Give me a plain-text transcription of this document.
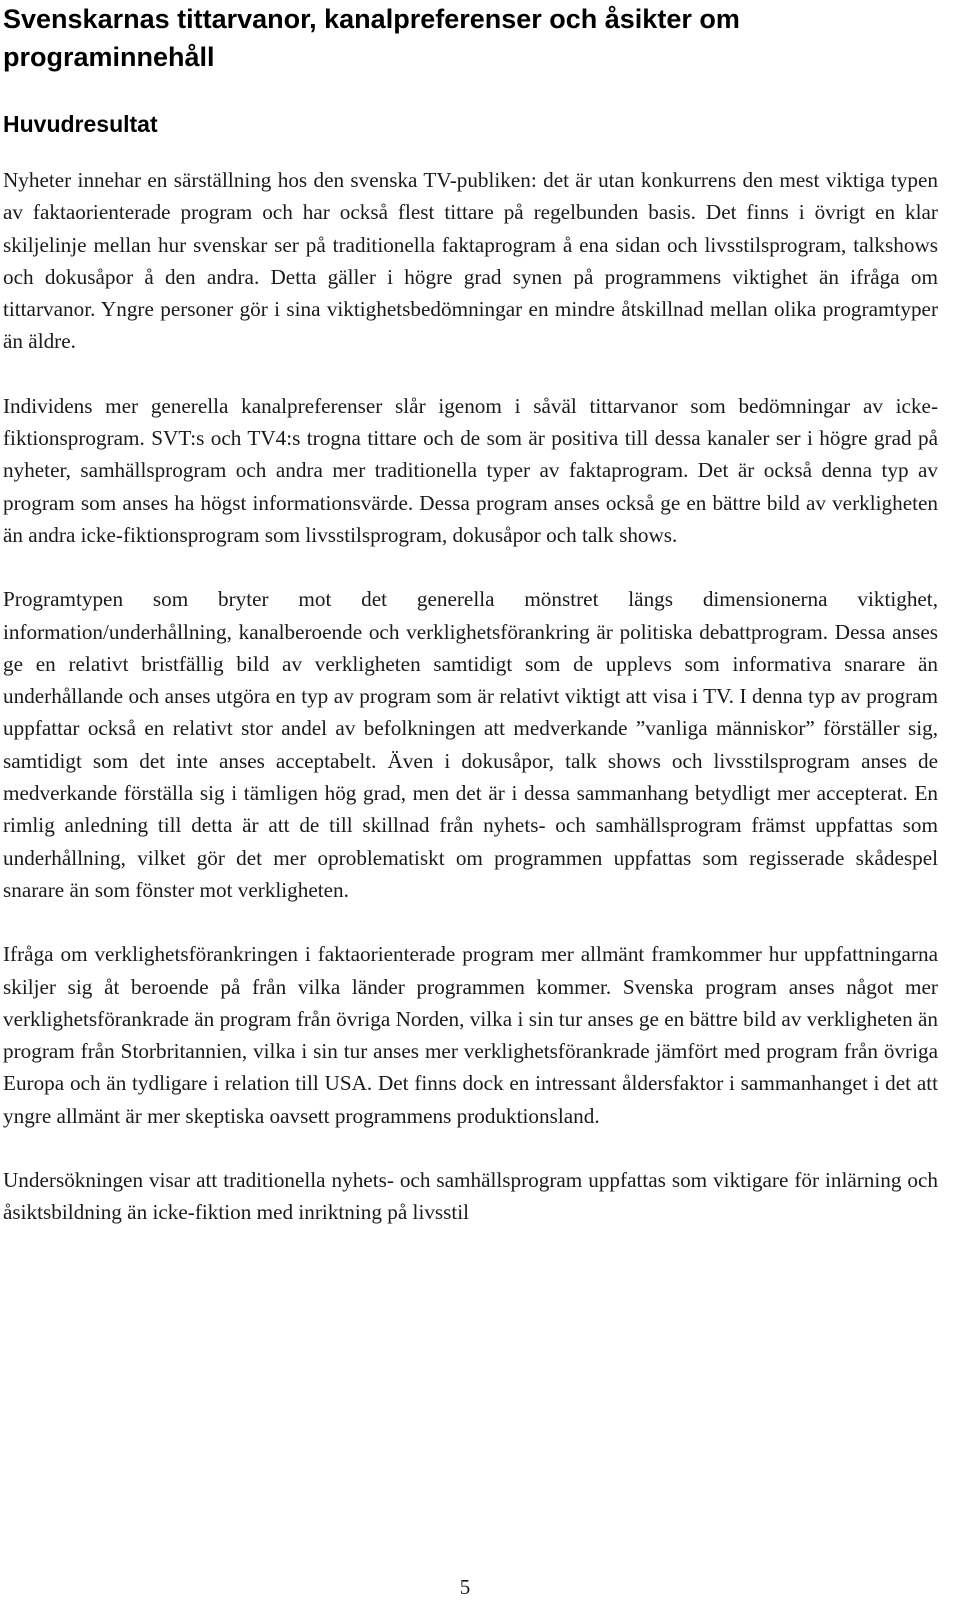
Svenskarnas tittarvanor, kanalpreferenser och åsikter om programinnehåll
Huvudresultat

Nyheter innehar en särställning hos den svenska TV-publiken: det är utan konkurrens den mest viktiga typen av faktaorienterade program och har också flest tittare på regelbunden basis. Det finns i övrigt en klar skiljelinje mellan hur svenskar ser på traditionella faktaprogram å ena sidan och livsstilsprogram, talkshows och dokusåpor å den andra. Detta gäller i högre grad synen på programmens viktighet än ifråga om tittarvanor. Yngre personer gör i sina viktighetsbedömningar en mindre åtskillnad mellan olika programtyper än äldre.

Individens mer generella kanalpreferenser slår igenom i såväl tittarvanor som bedömningar av icke-fiktionsprogram. SVT:s och TV4:s trogna tittare och de som är positiva till dessa kanaler ser i högre grad på nyheter, samhällsprogram och andra mer traditionella typer av faktaprogram. Det är också denna typ av program som anses ha högst informationsvärde. Dessa program anses också ge en bättre bild av verkligheten än andra icke-fiktionsprogram som livsstilsprogram, dokusåpor och talk shows.

Programtypen som bryter mot det generella mönstret längs dimensionerna viktighet, information/underhållning, kanalberoende och verklighetsförankring är politiska debattprogram. Dessa anses ge en relativt bristfällig bild av verkligheten samtidigt som de upplevs som informativa snarare än underhållande och anses utgöra en typ av program som är relativt viktigt att visa i TV. I denna typ av program uppfattar också en relativt stor andel av befolkningen att medverkande ”vanliga människor” förställer sig, samtidigt som det inte anses acceptabelt. Även i dokusåpor, talk shows och livsstilsprogram anses de medverkande förställa sig i tämligen hög grad, men det är i dessa sammanhang betydligt mer accepterat. En rimlig anledning till detta är att de till skillnad från nyhets- och samhällsprogram främst uppfattas som underhållning, vilket gör det mer oproblematiskt om programmen uppfattas som regisserade skådespel snarare än som fönster mot verkligheten.

Ifråga om verklighetsförankringen i faktaorienterade program mer allmänt framkommer hur uppfattningarna skiljer sig åt beroende på från vilka länder programmen kommer. Svenska program anses något mer verklighetsförankrade än program från övriga Norden, vilka i sin tur anses ge en bättre bild av verkligheten än program från Storbritannien, vilka i sin tur anses mer verklighetsförankrade jämfört med program från övriga Europa och än tydligare i relation till USA. Det finns dock en intressant åldersfaktor i sammanhanget i det att yngre allmänt är mer skeptiska oavsett programmens produktionsland.

Undersökningen visar att traditionella nyhets- och samhällsprogram uppfattas som viktigare för inlärning och åsiktsbildning än icke-fiktion med inriktning på livsstil

5
